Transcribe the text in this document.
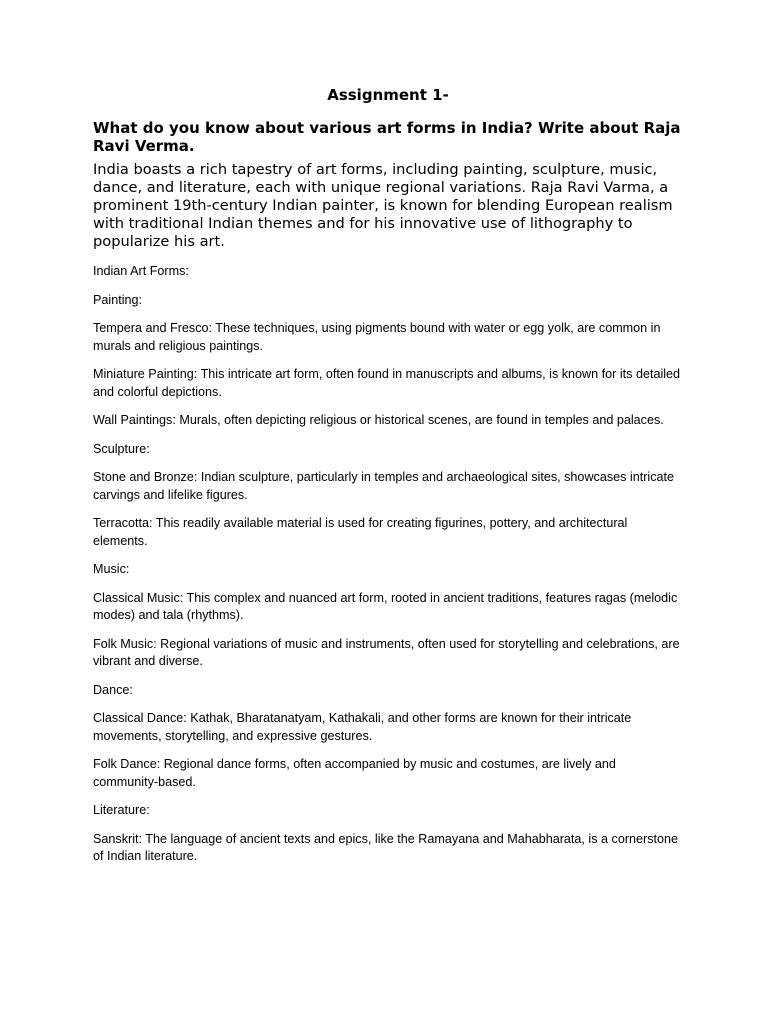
Assignment 1-
What do you know about various art forms in India? Write about Raja Ravi Verma.
India boasts a rich tapestry of art forms, including painting, sculpture, music, dance, and literature, each with unique regional variations. Raja Ravi Varma, a prominent 19th-century Indian painter, is known for blending European realism with traditional Indian themes and for his innovative use of lithography to popularize his art.
Indian Art Forms:
Painting:
Tempera and Fresco: These techniques, using pigments bound with water or egg yolk, are common in murals and religious paintings.
Miniature Painting: This intricate art form, often found in manuscripts and albums, is known for its detailed and colorful depictions.
Wall Paintings: Murals, often depicting religious or historical scenes, are found in temples and palaces.
Sculpture:
Stone and Bronze: Indian sculpture, particularly in temples and archaeological sites, showcases intricate carvings and lifelike figures.
Terracotta: This readily available material is used for creating figurines, pottery, and architectural elements.
Music:
Classical Music: This complex and nuanced art form, rooted in ancient traditions, features ragas (melodic modes) and tala (rhythms).
Folk Music: Regional variations of music and instruments, often used for storytelling and celebrations, are vibrant and diverse.
Dance:
Classical Dance: Kathak, Bharatanatyam, Kathakali, and other forms are known for their intricate movements, storytelling, and expressive gestures.
Folk Dance: Regional dance forms, often accompanied by music and costumes, are lively and community-based.
Literature:
Sanskrit: The language of ancient texts and epics, like the Ramayana and Mahabharata, is a cornerstone of Indian literature.
